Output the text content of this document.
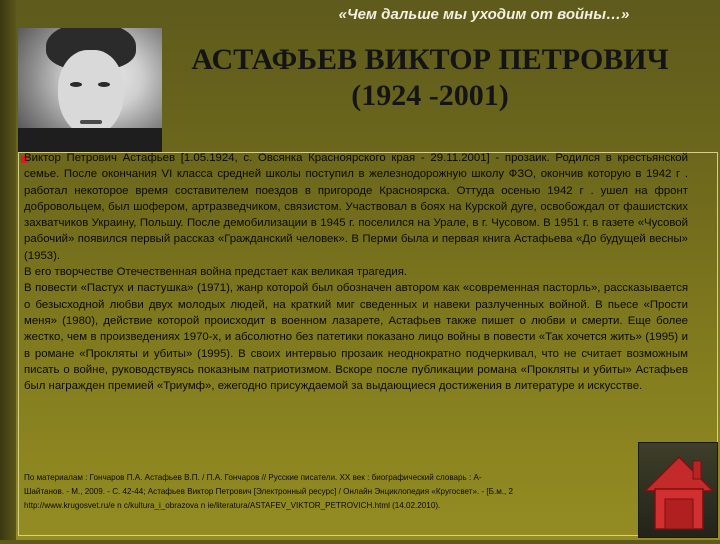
«Чем дальше мы уходим от войны…»
АСТАФЬЕВ ВИКТОР ПЕТРОВИЧ
(1924 -2001)

Виктор Петрович Астафьев [1.05.1924, с. Овсянка Красноярского края - 29.11.2001] - прозаик. Родился в крестьянской семье. После окончания VI класса средней школы поступил в железнодорожную школу ФЗО, окончив которую в 1942 г . работал некоторое время составителем поездов в пригороде Красноярска. Оттуда осенью 1942 г . ушел на фронт добровольцем, был шофером, артразведчиком, связистом. Участвовал в боях на Курской дуге, освобождал от фашистских захватчиков Украину, Польшу. После демобилизации в 1945 г. поселился на Урале, в г. Чусовом. В 1951 г. в газете «Чусовой рабочий» появился первый рассказ «Гражданский человек». В Перми была и первая книга Астафьева «До будущей весны» (1953).

В его творчестве Отечественная война предстает как великая трагедия.

В повести «Пастух и пастушка» (1971), жанр которой был обозначен автором как «современная пасторль», рассказывается о безысходной любви двух молодых людей, на краткий миг сведенных и навеки разлученных войной. В пьесе «Прости меня» (1980), действие которой происходит в военном лазарете, Астафьев также пишет о любви и смерти. Еще более жестко, чем в произведениях 1970-х, и абсолютно без патетики показано лицо войны в повести «Так хочется жить» (1995) и в романе «Прокляты и убиты» (1995). В своих интервью прозаик неоднократно подчеркивал, что не считает возможным писать о войне, руководствуясь показным патриотизмом. Вскоре после публикации романа «Прокляты и убиты» Астафьев был награжден премией «Триумф», ежегодно присуждаемой за выдающиеся достижения в литературе и искусстве.

По материалам : Гончаров П.А. Астафьев В.П. / П.А. Гончаров // Русские писатели. XX век : биографический словарь : А-

Шайтанов. - М., 2009. - С. 42-44; Астафьев Виктор Петрович [Электронный ресурс] / Онлайн Энциклопедия «Кругосвет». - [Б.м., 2

http://www.krugosvet.ru/e n c/kultura_i_obrazova n ie/literatura/ASTAFEV_VIKTOR_PETROVICH.html (14.02.2010).
